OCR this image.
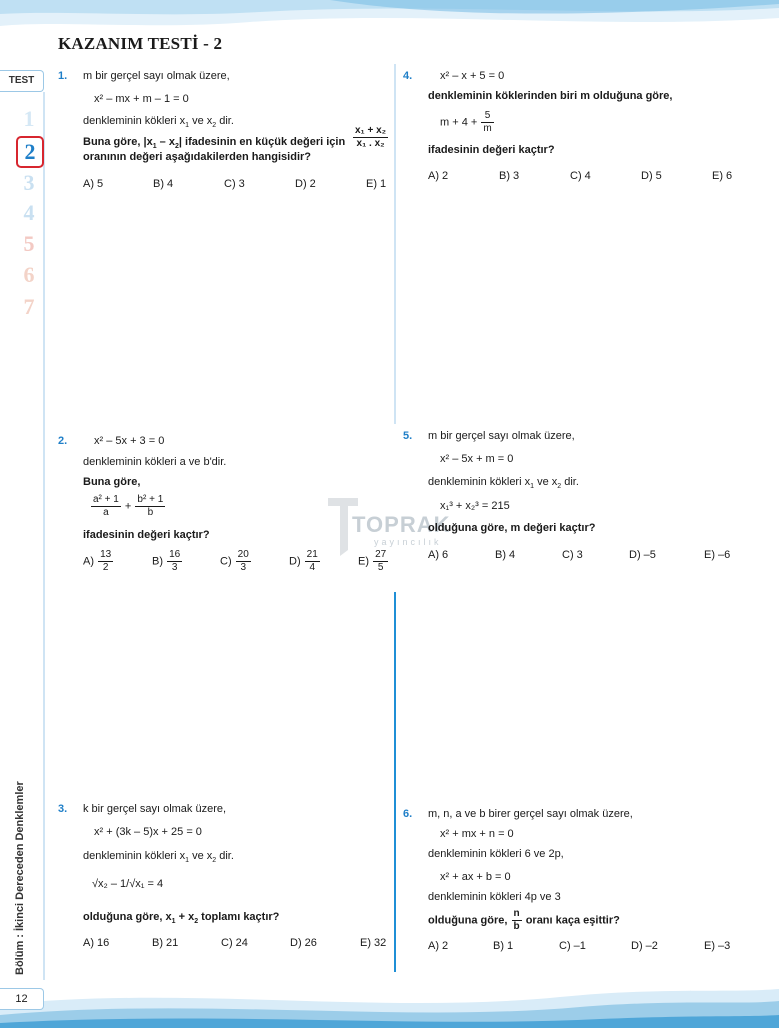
KAZANIM TESTİ - 2
TEST
1
2
3
4
5
6
7
Bölüm : İkinci Dereceden Denklemler
12
TOPRAK
yayıncılık
1. m bir gerçel sayı olmak üzere,
x² – mx + m – 1 = 0
denkleminin kökleri $x_1$ ve $x_2$ dir.
Buna göre, $|x_1 - x_2|$ ifadesinin en küçük değeri için $\frac{\text{x₁ + x₂}}{\text{x₁ . x₂}}$
oranının değeri aşağıdakilerden hangisidir?
A) 5	B) 4	C) 3	D) 2	E) 1
2. x² – 5x + 3 = 0
denkleminin kökleri a ve b'dir.
Buna göre,
$\frac{\text{a² + 1}}{a} + \frac{\text{b² + 1}}{b}$
ifadesinin değeri kaçtır?
$A) \frac{13}{2}$	$B) \frac{16}{3}$	$C) \frac{20}{3}$	$D) \frac{21}{4}$	$E) \frac{27}{5}$
3. k bir gerçel sayı olmak üzere,
x² + (3k – 5)x + 25 = 0
denkleminin kökleri $x_1$ ve $x_2$ dir.
√x₂ – 1/√x₁ = 4
olduğuna göre, $x_1 + x_2$ toplamı kaçtır?
A) 16	B) 21	C) 24	D) 26	E) 32
4.	x² – x + 5 = 0
denkleminin köklerinden biri m olduğuna göre,
$m + 4 + \frac{5}{m}$
ifadesinin değeri kaçtır?
A) 2	B) 3	C) 4	D) 5	E) 6
5. m bir gerçel sayı olmak üzere,
x² – 5x + m = 0
denkleminin kökleri $x_1$ ve $x_2$ dir.
x₁³ + x₂³ = 215
olduğuna göre, m değeri kaçtır?
A) 6	B) 4	C) 3	D) –5	E) –6
6. m, n, a ve b birer gerçel sayı olmak üzere,
x² + mx + n = 0
denkleminin kökleri 6 ve 2p,
x² + ax + b = 0
denkleminin kökleri 4p ve 3
olduğuna göre, $\frac{n}{b}$ oranı kaça eşittir?
A) 2	B) 1	C) –1	D) –2	E) –3
